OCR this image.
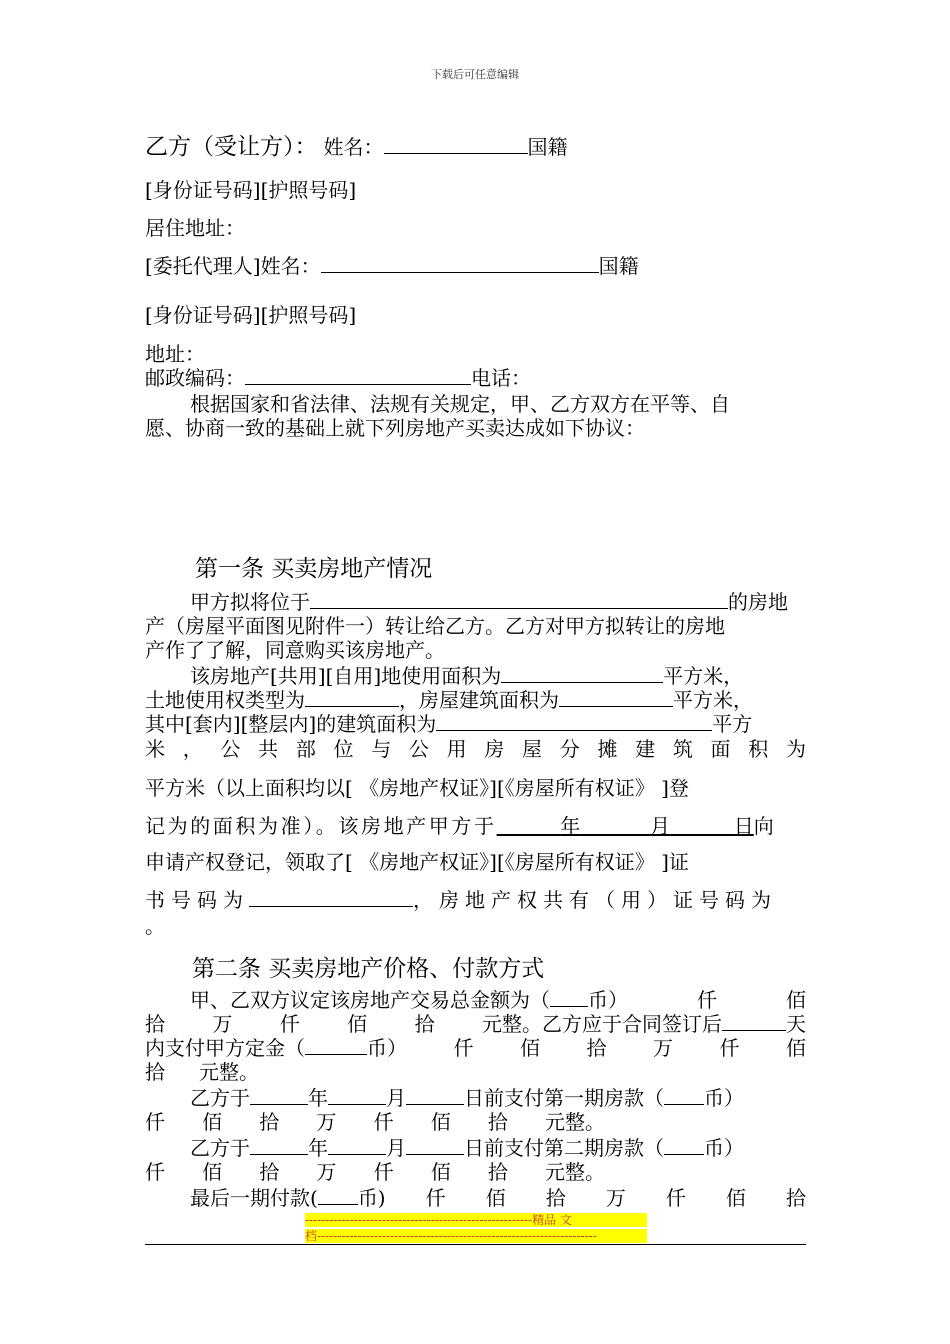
下载后可任意编辑
乙方（受让方）： 姓名：	国籍
[身份证号码][护照号码]
居住地址：
[委托代理人]姓名：	国籍
[身份证号码][护照号码]
地址：
邮政编码：	电话：
根据国家和省法律、法规有关规定，甲、乙方双方在平等、自
愿、协商一致的基础上就下列房地产买卖达成如下协议：
第一条 买卖房地产情况
甲方拟将位于	的房地
产（房屋平面图见附件一）转让给乙方。乙方对甲方拟转让的房地
产作了了解，同意购买该房地产。
该房地产[共用][自用]地使用面积为	平方米，
土地使用权类型为	，房屋建筑面积为	平方米，
其中[套内][整层内]的建筑面积为	平方
米 ， 公 共 部 位 与 公 用 房 屋 分 摊 建 筑 面 积 为
平方米（以上面积均以[ 《房地产权证》][《房屋所有权证》 ]登
记为的面积为准）。该房地产甲方于	年	月	日向
申请产权登记，领取了[ 《房地产权证》][《房屋所有权证》 ]证
书号码为	，房地产权共有（用）证号码为
。
第二条 买卖房地产价格、付款方式
甲、乙双方议定该房地产交易总金额为（ 币）	仟	佰
拾 万 仟 佰 拾 元整。乙方应于合同签订后	天
内支付甲方定金（	币） 仟 佰 拾 万 仟 佰
拾 元整。
乙方于	年	月	日前支付第一期房款（ 币）
仟 佰 拾 万 仟 佰 拾 元整。
乙方于	年	月	日前支付第二期房款（ 币）
仟 佰 拾 万 仟 佰 拾 元整。
最后一期付款( 币) 仟 佰 拾 万 仟 佰 拾
--------------------------------------------------------精品 文
档---------------------------------------------------------------------
